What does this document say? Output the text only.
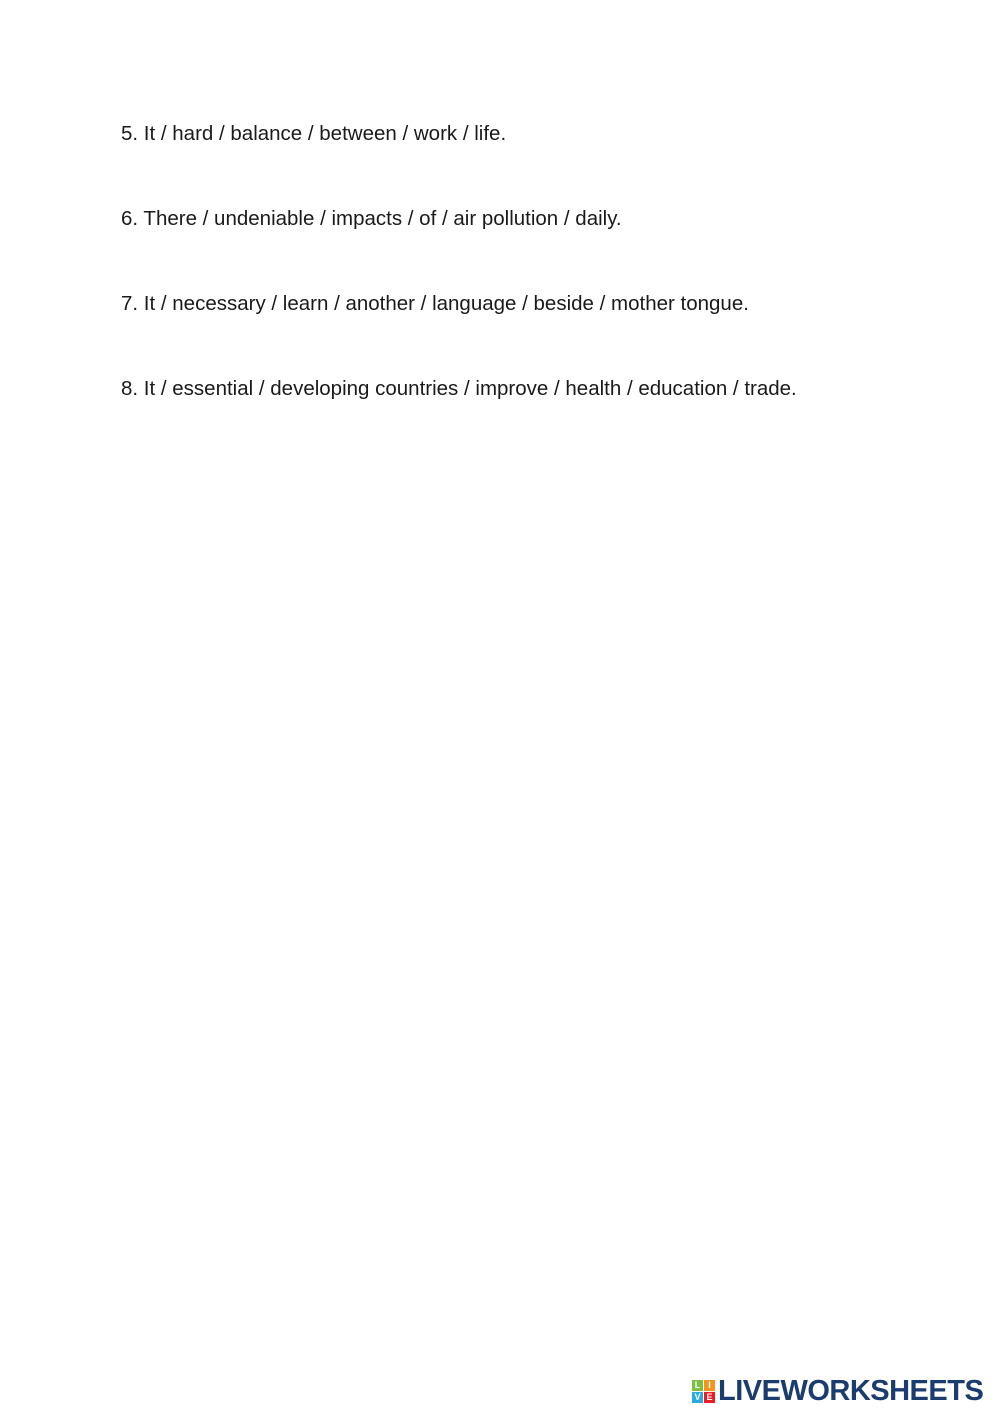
5. It / hard / balance / between / work / life.
6. There / undeniable / impacts / of / air pollution / daily.
7. It / necessary / learn / another / language / beside / mother tongue.
8. It / essential / developing countries / improve / health / education / trade.
L I
V E LIVEWORKSHEETS
